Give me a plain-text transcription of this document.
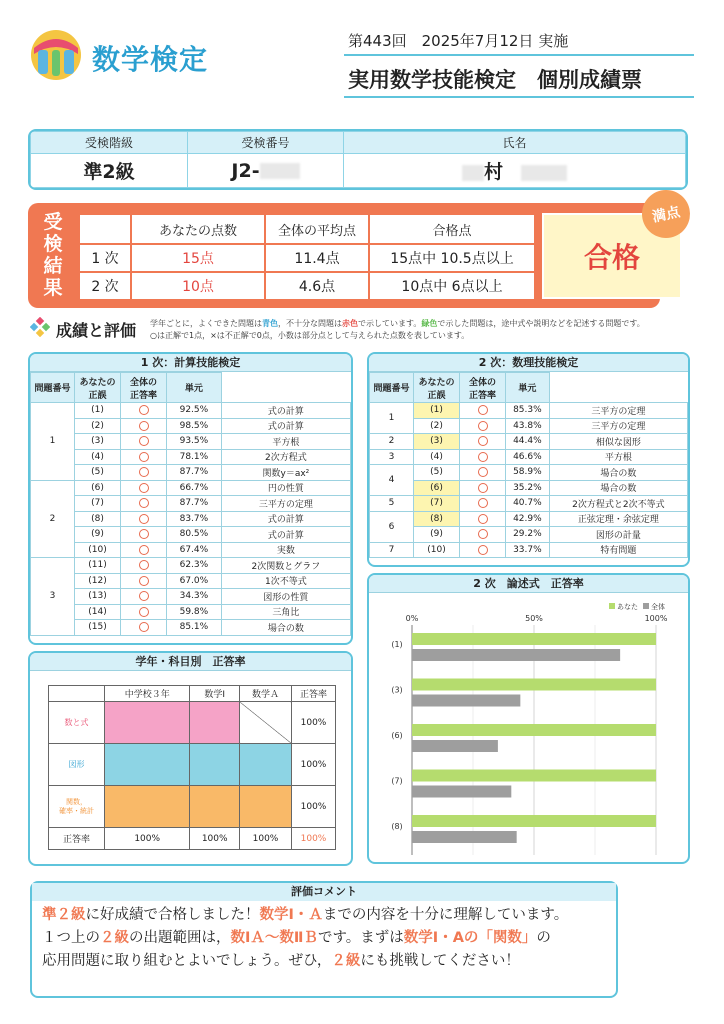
数学検定
第443回　2025年7月12日 実施
実用数学技能検定　個別成績票
受検階級	受検番号	氏名
準2級	J2-	村
受
検
結
果
	あなたの点数	全体の平均点	合格点
1 次	15点	11.4点	15点中 10.5点以上
2 次	10点	4.6点	10点中 6点以上
合格
満点
成績と評価 学年ごとに，よくできた問題は青色，不十分な問題は赤色で示しています。緑色で示した問題は，途中式や説明などを記述する問題です。
○は正解で1点，×は不正解で0点，小数は部分点として与えられた点数を表しています。
1 次：計算技能検定
問題番号	あなたの
正誤	全体の
正答率	単元	
1	(1)		92.5%	式の計算
	(2)		98.5%	式の計算
	(3)		93.5%	平方根
	(4)		78.1%	2次方程式
	(5)		87.7%	関数y＝ax²
2	(6)		66.7%	円の性質
	(7)		87.7%	三平方の定理
	(8)		83.7%	式の計算
	(9)		80.5%	式の計算
	(10)		67.4%	実数
3	(11)		62.3%	2次関数とグラフ
	(12)		67.0%	1次不等式
	(13)		34.3%	図形の性質
	(14)		59.8%	三角比
	(15)		85.1%	場合の数
2 次：数理技能検定
問題番号	あなたの
正誤	全体の
正答率	単元	
1	(1)		85.3%	三平方の定理
	(2)		43.8%	三平方の定理
2	(3)		44.4%	相似な図形
3	(4)		46.6%	平方根
4	(5)		58.9%	場合の数
	(6)		35.2%	場合の数
5	(7)		40.7%	2次方程式と2次不等式
6	(8)		42.9%	正弦定理・余弦定理
	(9)		29.2%	図形の計量
7	(10)		33.7%	特有問題
学年・科目別　正答率
	中学校３年	数学Ⅰ	数学Ａ	正答率
数と式				100%
図形				100%
関数，
確率・統計				100%
正答率	100%	100%	100%	100%
2 次　論述式　正答率
あなた 全体
0%	50%	100%
(1)
(3)
(6)
(7)
(8)
評価コメント

準２級に好成績で合格しました！数学Ⅰ・Ａまでの内容を十分に理解しています。
１つ上の２級の出題範囲は，数ⅠＡ～数ⅡＢです。まずは数学Ⅰ・Aの「関数」の
応用問題に取り組むとよいでしょう。ぜひ，２級にも挑戦してください！
